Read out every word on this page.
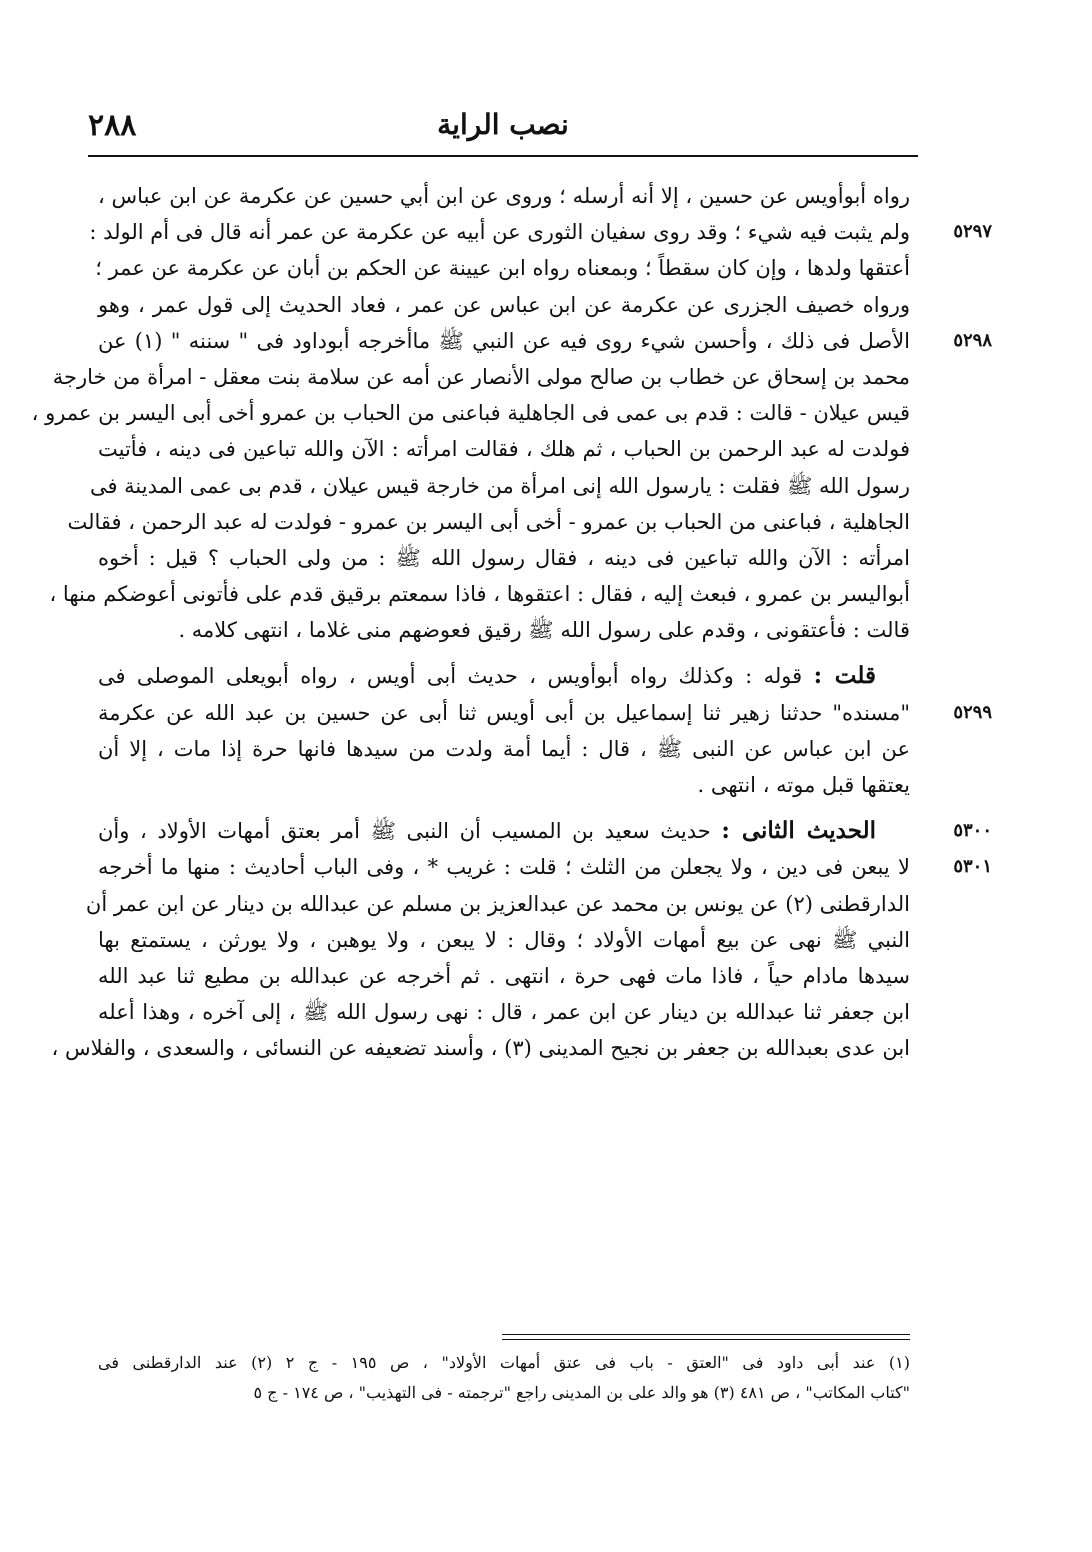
٢٨٨	نصب الراية
رواه أبوأويس عن حسين ، إلا أنه أرسله ؛ وروى عن ابن أبي حسين عن عكرمة عن ابن عباس ،
ولم يثبت فيه شيء ؛ وقد روى سفيان الثورى عن أبيه عن عكرمة عن عمر أنه قال فى أم الولد :	٥٢٩٧
أعتقها ولدها ، وإن كان سقطاً ؛ وبمعناه رواه ابن عيينة عن الحكم بن أبان عن عكرمة عن عمر ؛
ورواه خصيف الجزرى عن عكرمة عن ابن عباس عن عمر ، فعاد الحديث إلى قول عمر ، وهو
الأصل فى ذلك ، وأحسن شيء روى فيه عن النبي ﷺ ماأخرجه أبوداود فى " سننه " (١) عن	٥٢٩٨
محمد بن إسحاق عن خطاب بن صالح مولى الأنصار عن أمه عن سلامة بنت معقل - امرأة من خارجة
قيس عيلان - قالت : قدم بى عمى فى الجاهلية فباعنى من الحباب بن عمرو أخى أبى اليسر بن عمرو ،
فولدت له عبد الرحمن بن الحباب ، ثم هلك ، فقالت امرأته : الآن والله تباعين فى دينه ، فأتيت
رسول الله ﷺ فقلت : يارسول الله إنى امرأة من خارجة قيس عيلان ، قدم بى عمى المدينة فى
الجاهلية ، فباعنى من الحباب بن عمرو - أخى أبى اليسر بن عمرو - فولدت له عبد الرحمن ، فقالت
امرأته : الآن والله تباعين فى دينه ، فقال رسول الله ﷺ : من ولى الحباب ؟ قيل : أخوه
أبواليسر بن عمرو ، فبعث إليه ، فقال : اعتقوها ، فاذا سمعتم برقيق قدم على فأتونى أعوضكم منها ،
قالت : فأعتقونى ، وقدم على رسول الله ﷺ رقيق فعوضهم منى غلاما ، انتهى كلامه .
قلت : قوله : وكذلك رواه أبوأويس ، حديث أبى أويس ، رواه أبويعلى الموصلى فى
"مسنده" حدثنا زهير ثنا إسماعيل بن أبى أويس ثنا أبى عن حسين بن عبد الله عن عكرمة	٥٢٩٩
عن ابن عباس عن النبى ﷺ ، قال : أيما أمة ولدت من سيدها فانها حرة إذا مات ، إلا أن
يعتقها قبل موته ، انتهى .
الحديث الثانى : حديث سعيد بن المسيب أن النبى ﷺ أمر بعتق أمهات الأولاد ، وأن	٥٣٠٠
لا يبعن فى دين ، ولا يجعلن من الثلث ؛ قلت : غريب * ، وفى الباب أحاديث : منها ما أخرجه	٥٣٠١
الدارقطنى (٢) عن يونس بن محمد عن عبدالعزيز بن مسلم عن عبدالله بن دينار عن ابن عمر أن
النبي ﷺ نهى عن بيع أمهات الأولاد ؛ وقال : لا يبعن ، ولا يوهبن ، ولا يورثن ، يستمتع بها
سيدها مادام حياً ، فاذا مات فهى حرة ، انتهى . ثم أخرجه عن عبدالله بن مطيع ثنا عبد الله
ابن جعفر ثنا عبدالله بن دينار عن ابن عمر ، قال : نهى رسول الله ﷺ ، إلى آخره ، وهذا أعله
ابن عدى بعبدالله بن جعفر بن نجيح المدينى (٣) ، وأسند تضعيفه عن النسائى ، والسعدى ، والفلاس ،
(١) عند أبى داود فى "العتق - باب فى عتق أمهات الأولاد" ، ص ١٩٥ - ج ٢ (٢) عند الدارقطنى فى
"كتاب المكاتب" ، ص ٤٨١ (٣) هو والد على بن المدينى راجع "ترجمته - فى التهذيب" ، ص ١٧٤ - ج ٥
